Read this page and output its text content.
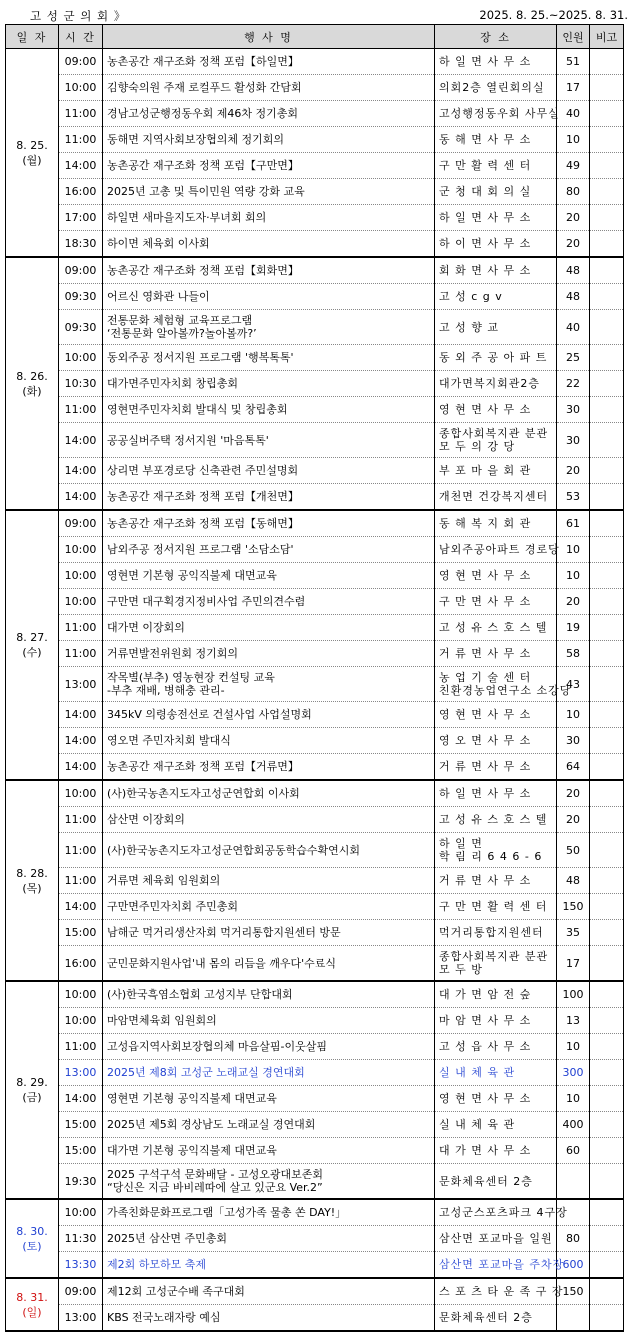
고 성 군 의 회 》	2025. 8. 25.~2025. 8. 31.
일 자	시 간	행 사 명	장 소	인원	비고

8. 25.
(월)	09:00	농촌공간 재구조화 정책 포럼【하일면】	하 일 면 사 무 소	51	
	10:00	김향숙의원 주재 로컬푸드 활성화 간담회	의회2층 열린회의실	17	
	11:00	경남고성군행정동우회 제46차 정기총회	고성행정동우회 사무실	40	
	11:00	동해면 지역사회보장협의체 정기회의	동 해 면 사 무 소	10	
	14:00	농촌공간 재구조화 정책 포럼【구만면】	구 만 활 력 센 터	49	
	16:00	2025년 고총 및 특이민원 역량 강화 교육	군 청 대 회 의 실	80	
	17:00	하일면 새마을지도자·부녀회 회의	하 일 면 사 무 소	20	
	18:30	하이면 체육회 이사회	하 이 면 사 무 소	20	

8. 26.
(화)	09:00	농촌공간 재구조화 정책 포럼【회화면】	회 화 면 사 무 소	48	
	09:30	어르신 영화관 나들이	고 성 c g v	48	
	09:30	전통문화 체험형 교육프로그램
‘전통문화 알아볼까?놀아볼까?’	고 성 향 교	40	
	10:00	동외주공 정서지원 프로그램 '행복톡톡'	동 외 주 공 아 파 트	25	
	10:30	대가면주민자치회 창립총회	대가면복지회관2층	22	
	11:00	영현면주민자치회 발대식 및 창립총회	영 현 면 사 무 소	30	
	14:00	공공실버주택 정서지원 '마음톡톡'	종합사회복지관 분관
모 두 의 강 당	30	
	14:00	상리면 부포경로당 신축관련 주민설명회	부 포 마 을 회 관	20	
	14:00	농촌공간 재구조화 정책 포럼【개천면】	개천면 건강복지센터	53	

8. 27.
(수)	09:00	농촌공간 재구조화 정책 포럼【동해면】	동 해 복 지 회 관	61	
	10:00	남외주공 정서지원 프로그램 '소담소담'	남외주공아파트 경로당	10	
	10:00	영현면 기본형 공익직불제 대면교육	영 현 면 사 무 소	10	
	10:00	구만면 대구획경지정비사업 주민의견수렴	구 만 면 사 무 소	20	
	11:00	대가면 이장회의	고 성 유 스 호 스 텔	19	
	11:00	거류면발전위원회 정기회의	거 류 면 사 무 소	58	
	13:00	작목별(부추) 영농현장 컨설팅 교육
-부추 재배, 병해충 관리-	농 업 기 술 센 터
친환경농업연구소 소강당	43	
	14:00	345kV 의령송전선로 건설사업 사업설명회	영 현 면 사 무 소	10	
	14:00	영오면 주민자치회 발대식	영 오 면 사 무 소	30	
	14:00	농촌공간 재구조화 정책 포럼【거류면】	거 류 면 사 무 소	64	

8. 28.
(목)	10:00	(사)한국농촌지도자고성군연합회 이사회	하 일 면 사 무 소	20	
	11:00	삼산면 이장회의	고 성 유 스 호 스 텔	20	
	11:00	(사)한국농촌지도자고성군연합회공동학습수확연시회	하 일 면
학 림 리 6 4 6 - 6	50	
	11:00	거류면 체육회 임원회의	거 류 면 사 무 소	48	
	14:00	구만면주민자치회 주민총회	구 만 면 활 력 센 터	150	
	15:00	남해군 먹거리생산자회 먹거리통합지원센터 방문	먹거리통합지원센터	35	
	16:00	군민문화지원사업'내 몸의 리듬을 깨우다'수료식	종합사회복지관 분관
모 두 방	17	

8. 29.
(금)	10:00	(사)한국흑염소협회 고성지부 단합대회	대 가 면 암 전 숲	100	
	10:00	마암면체육회 임원회의	마 암 면 사 무 소	13	
	11:00	고성읍지역사회보장협의체 마음살핌-이웃살핌	고 성 읍 사 무 소	10	
	13:00	2025년 제8회 고성군 노래교실 경연대회	실 내 체 육 관	300	
	14:00	영현면 기본형 공익직불제 대면교육	영 현 면 사 무 소	10	
	15:00	2025년 제5회 경상남도 노래교실 경연대회	실 내 체 육 관	400	
	15:00	대가면 기본형 공익직불제 대면교육	대 가 면 사 무 소	60	
	19:30	2025 구석구석 문화배달 - 고성오광대보존회
“당신은 지금 바비레따에 살고 있군요 Ver.2”	문화체육센터 2층		

8. 30.
(토)	10:00	가족친화문화프로그램「고성가족 물총 쏜 DAY!」	고성군스포츠파크 4구장		

	11:30	2025년 삼산면 주민총회	삼산면 포교마을 일원	80	
	13:30	제2회 하모하모 축제	삼산면 포교마을 주차장	600	

8. 31.
(일)	09:00	제12회 고성군수배 족구대회	스 포 츠 타 운 족 구 장	150	
	13:00	KBS 전국노래자랑 예심	문화체육센터 2층		
